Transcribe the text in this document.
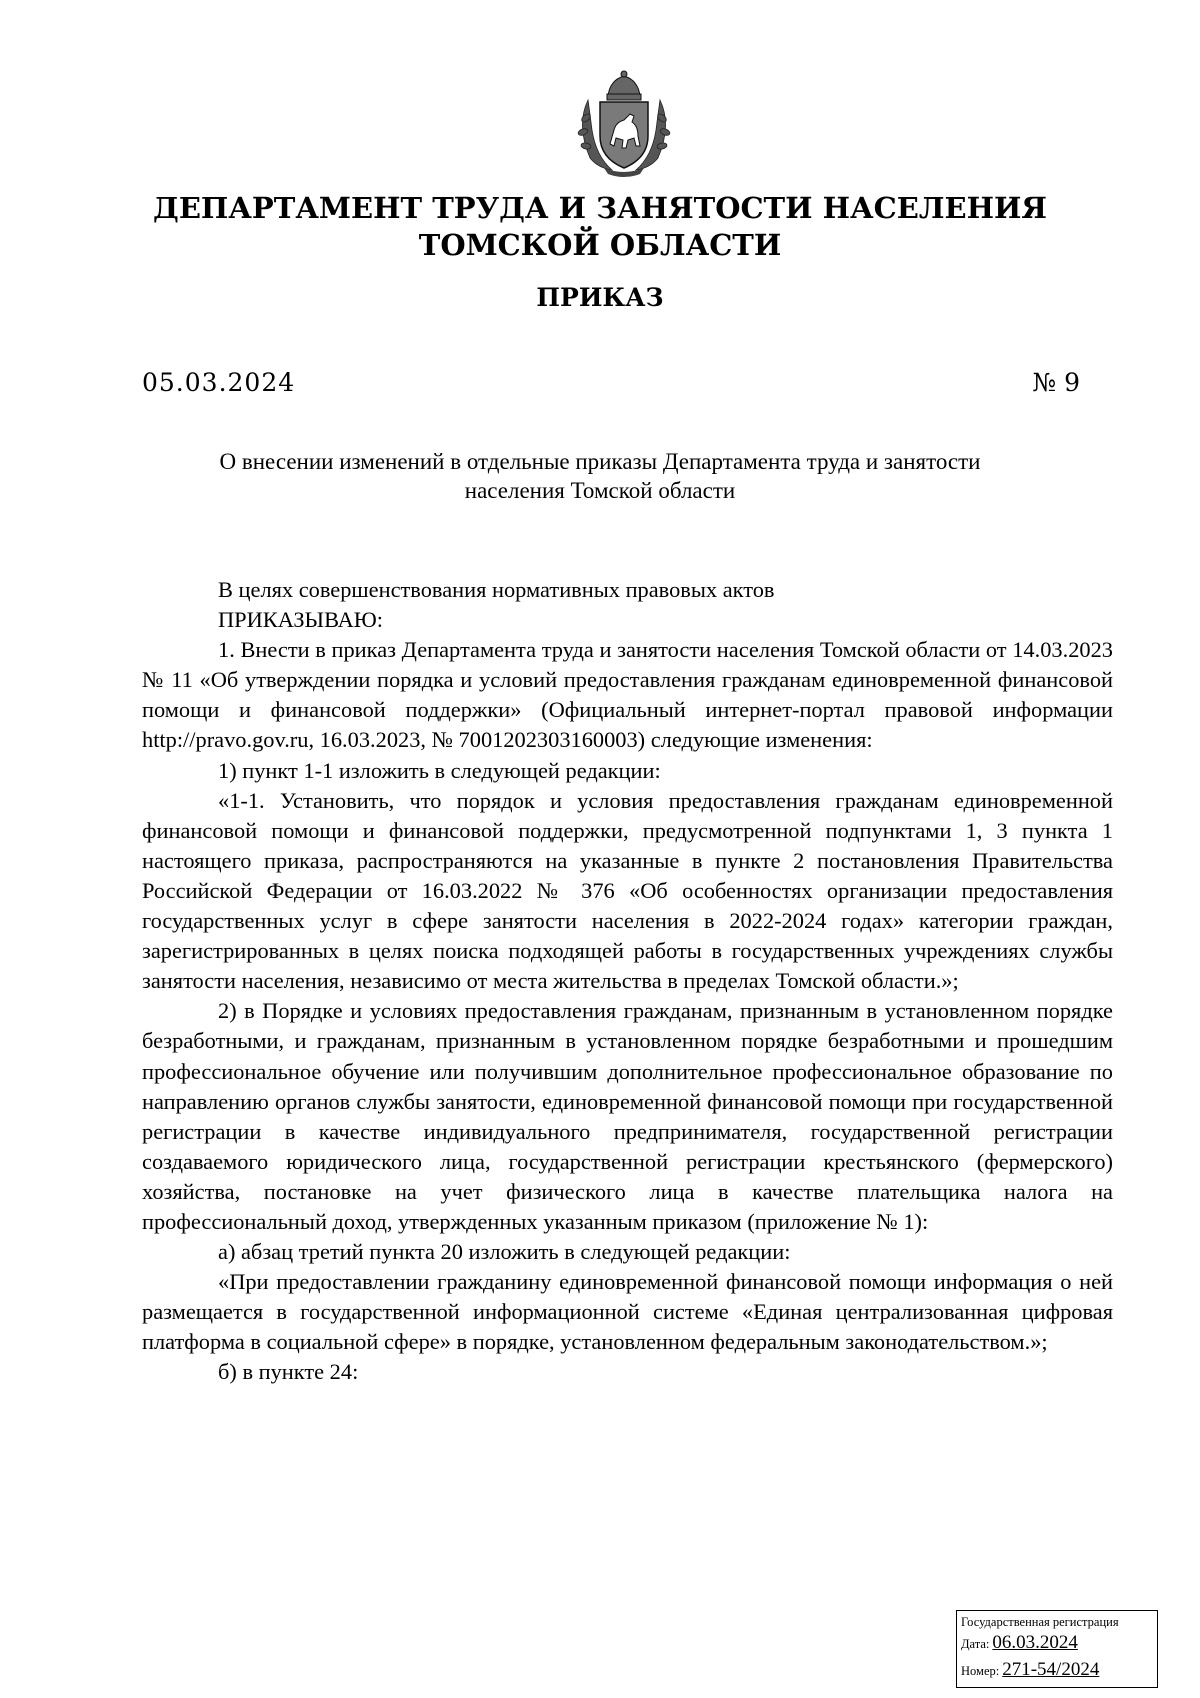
ДЕПАРТАМЕНТ ТРУДА И ЗАНЯТОСТИ НАСЕЛЕНИЯ
ТОМСКОЙ ОБЛАСТИ
ПРИКАЗ
05.03.2024	№ 9
О внесении изменений в отдельные приказы Департамента труда и занятости
населения Томской области

В целях совершенствования нормативных правовых актов

ПРИКАЗЫВАЮ:

1. Внести в приказ Департамента труда и занятости населения Томской области от 14.03.2023 № 11 «Об утверждении порядка и условий предоставления гражданам единовременной финансовой помощи и финансовой поддержки» (Официальный интернет-портал правовой информации http://pravo.gov.ru, 16.03.2023, № 7001202303160003) следующие изменения:

1) пункт 1-1 изложить в следующей редакции:

«1-1. Установить, что порядок и условия предоставления гражданам единовременной финансовой помощи и финансовой поддержки, предусмотренной подпунктами 1, 3 пункта 1 настоящего приказа, распространяются на указанные в пункте 2 постановления Правительства Российской Федерации от 16.03.2022 № 376 «Об особенностях организации предоставления государственных услуг в сфере занятости населения в 2022-2024 годах» категории граждан, зарегистрированных в целях поиска подходящей работы в государственных учреждениях службы занятости населения, независимо от места жительства в пределах Томской области.»;

2) в Порядке и условиях предоставления гражданам, признанным в установленном порядке безработными, и гражданам, признанным в установленном порядке безработными и прошедшим профессиональное обучение или получившим дополнительное профессиональное образование по направлению органов службы занятости, единовременной финансовой помощи при государственной регистрации в качестве индивидуального предпринимателя, государственной регистрации создаваемого юридического лица, государственной регистрации крестьянского (фермерского) хозяйства, постановке на учет физического лица в качестве плательщика налога на профессиональный доход, утвержденных указанным приказом (приложение № 1):

а) абзац третий пункта 20 изложить в следующей редакции:

«При предоставлении гражданину единовременной финансовой помощи информация о ней размещается в государственной информационной системе «Единая централизованная цифровая платформа в социальной сфере» в порядке, установленном федеральным законодательством.»;

б) в пункте 24:

Государственная регистрация
Дата: 06.03.2024
Номер: 271-54/2024
